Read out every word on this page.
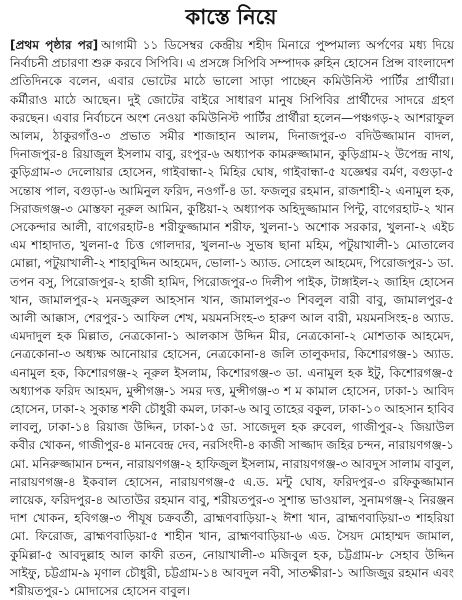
কাস্তে নিয়ে
[প্রথম পৃষ্ঠার পর] আগামী ১১ ডিসেম্বর কেন্দ্রীয় শহীদ মিনারে পুষ্পমাল্য অর্পণের মধ্য দিয়ে নির্বাচনী প্রচারণা শুরু করবে সিপিবি। এ প্রসঙ্গে সিপিবি সম্পাদক রুহিন হোসেন প্রিন্স বাংলাদেশ প্রতিদিনকে বলেন, এবার ভোটের মাঠে ভালো সাড়া পাচ্ছেন কমিউনিস্ট পার্টির প্রার্থীরা। কর্মীরাও মাঠে আছেন। দুই জোটের বাইরে সাধারণ মানুষ সিপিবির প্রার্থীদের সাদরে গ্রহণ করছেন। এবার নির্বাচনে অংশ নেওয়া কমিউনিস্ট পার্টির প্রার্থীরা হলেন—পঞ্চগড়-২ আশরাফুল আলম, ঠাকুরগাঁও-৩ প্রভাত সমীর শাজাহান আলম, দিনাজপুর-৩ বদিউজ্জামান বাদল, দিনাজপুর-৪ রিয়াজুল ইসলাম বাবু, রংপুর-৬ অধ্যাপক কামরুজ্জামান, কুড়িগ্রাম-২ উপেন্দ্র নাথ, কুড়িগ্রাম-৩ দেলোয়ার হোসেন, গাইবান্ধা-২ মিহির ঘোষ, গাইবান্ধা-৫ যজ্ঞেশ্বর বর্মণ, বগুড়া-৫ সন্তোষ পাল, বগুড়া-৬ আমিনুল ফরিদ, নওগাঁ-৪ ডা. ফজলুর রহমান, রাজশাহী-২ এনামুল হক, সিরাজগঞ্জ-৩ মোস্তফা নূরুল আমিন, কুষ্টিয়া-২ অধ্যাপক অহিদুজ্জামান পিন্টু, বাগেরহাট-২ খান সেকেন্দার আলী, বাগেরহাট-৪ শরীফুজ্জামান শরীফ, খুলনা-১ অশোক সরকার, খুলনা-২ এইচ এম শাহাদাত, খুলনা-৫ চিত্ত গোলদার, খুলনা-৬ সুভাষ ছানা মহিম, পটুয়াখালী-১ মোতালেব মোল্লা, পটুয়াখালী-২ শাহাবুদ্দিন আহমেদ, ভোলা-১ অ্যাড. সোহেল আহমেদ, পিরোজপুর-১ ডা. তপন বসু, পিরোজপুর-২ হাজী হামিদ, পিরোজপুর-৩ দিলীপ পাইক, টাঙ্গাইল-২ জাহিদ হোসেন খান, জামালপুর-২ মনজুরুল আহসান খান, জামালপুর-৩ শিবলুল বারী বাবু, জামালপুর-৫ আলী আক্কাস, শেরপুর-১ আফিল শেখ, ময়মনসিংহ-৩ হারুণ আল বারী, ময়মনসিংহ-৪ অ্যাড. এমদাদুল হক মিল্লাত, নেত্রকোনা-১ আলকাস উদ্দিন মীর, নেত্রকোনা-২ মোশতাক আহমেদ, নেত্রকোনা-৩ অধ্যক্ষ আনোয়ার হোসেন, নেত্রকোনা-৪ জলি তালুকদার, কিশোরগঞ্জ-১ অ্যাড. এনামুল হক, কিশোরগঞ্জ-২ নূরুল ইসলাম, কিশোরগঞ্জ-৩ ডা. এনামুল হক ইটু, কিশোরগঞ্জ-৫ অধ্যাপক ফরিদ আহমদ, মুন্সীগঞ্জ-১ সমর দত্ত, মুন্সীগঞ্জ-৩ শ ম কামাল হোসেন, ঢাকা-১ আবিদ হোসেন, ঢাকা-২ সুকান্ত শফী চৌধুরী কমল, ঢাকা-৬ আবু তাহের বকুল, ঢাকা-১০ আহসান হাবিব লাবলু, ঢাকা-১৪ রিয়াজ উদ্দিন, ঢাকা-১৫ ডা. সাজেদুল হক রুবেল, গাজীপুর-২ জিয়াউল কবীর খোকন, গাজীপুর-৪ মানবেন্দ্র দেব, নরসিংদী-৪ কাজী সাজ্জাদ জহির চন্দন, নারায়ণগঞ্জ-১ মো. মনিরুজ্জামান চন্দন, নারায়ণগঞ্জ-২ হাফিজুল ইসলাম, নারায়ণগঞ্জ-৩ আবদুস সালাম বাবুল, নারায়ণগঞ্জ-৪ ইকবাল হোসেন, নারায়ণগঞ্জ-৫ এ.ড. মন্টু ঘোষ, ফরিদপুর-৩ রফিকুজ্জামান লায়েক, ফরিদপুর-৪ আতাউর রহমান বাবু, শরীয়তপুর-৩ সুশান্ত ভাওয়াল, সুনামগঞ্জ-২ নিরঞ্জন দাশ খোকন, হবিগঞ্জ-৩ পীযূষ চক্রবর্তী, ব্রাহ্মণবাড়িয়া-২ ঈশা খান, ব্রাহ্মণবাড়িয়া-৩ শাহরিয়া মো. ফিরোজ, ব্রাহ্মণবাড়িয়া-৫ শাহীন খান, ব্রাহ্মণবাড়িয়া-৬ এড. সৈয়দ মোহাম্মদ জামাল, কুমিল্লা-৫ আবদুল্লাহ আল কাফী রতন, নোয়াখালী-৩ মজিবুল হক, চট্টগ্রাম-৮ সেহাব উদ্দিন সাইফু, চট্টগ্রাম-৯ মৃণাল চৌধুরী, চট্টগ্রাম-১৪ আবদুল নবী, সাতক্ষীরা-১ আজিজুর রহমান এবং শরীয়তপুর-১ মোদাসের হোসেন বাবুল।
